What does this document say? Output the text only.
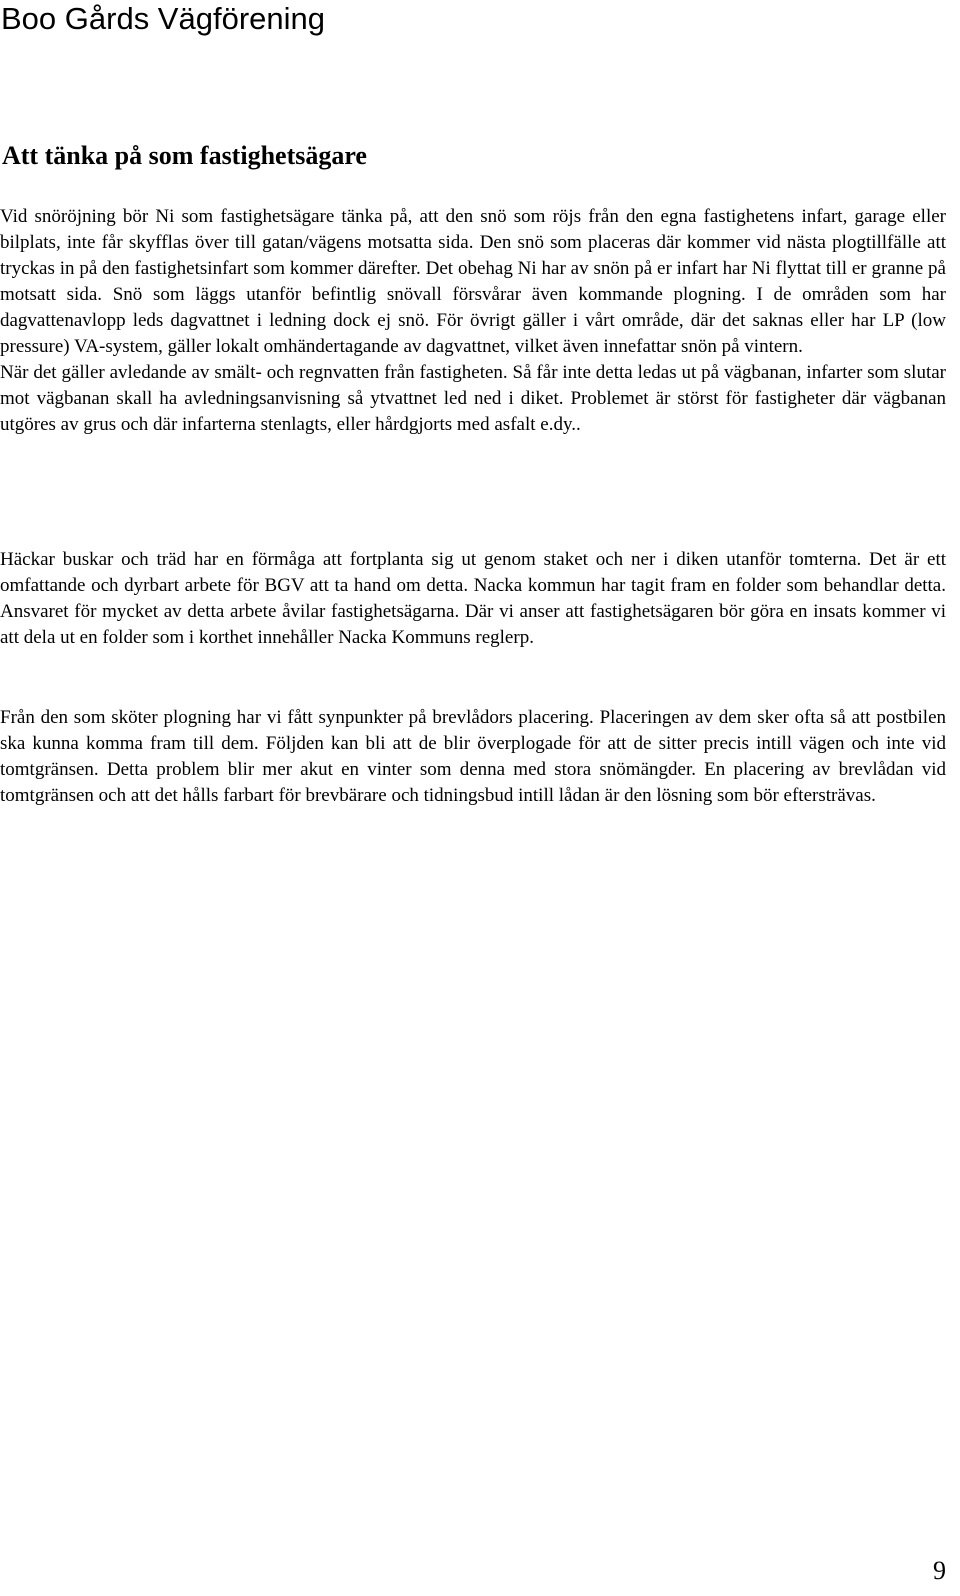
Boo Gårds Vägförening
Att tänka på som fastighetsägare

Vid snöröjning bör Ni som fastighetsägare tänka på, att den snö som röjs från den egna fastighetens infart, garage eller bilplats, inte får skyfflas över till gatan/vägens motsatta sida. Den snö som placeras där kommer vid nästa plogtillfälle att tryckas in på den fastighetsinfart som kommer därefter. Det obehag Ni har av snön på er infart har Ni flyttat till er granne på motsatt sida. Snö som läggs utanför befintlig snövall försvårar även kommande plogning. I de områden som har dagvattenavlopp leds dagvattnet i ledning dock ej snö. För övrigt gäller i vårt område, där det saknas eller har LP (low pressure) VA-system, gäller lokalt omhändertagande av dagvattnet, vilket även innefattar snön på vintern.
När det gäller avledande av smält- och regnvatten från fastigheten. Så får inte detta ledas ut på vägbanan, infarter som slutar mot vägbanan skall ha avledningsanvisning så ytvattnet led ned i diket. Problemet är störst för fastigheter där vägbanan utgöres av grus och där infarterna stenlagts, eller hårdgjorts med asfalt e.dy..

Häckar buskar och träd har en förmåga att fortplanta sig ut genom staket och ner i diken utanför tomterna. Det är ett omfattande och dyrbart arbete för BGV att ta hand om detta. Nacka kommun har tagit fram en folder som behandlar detta. Ansvaret för mycket av detta arbete åvilar fastighetsägarna. Där vi anser att fastighetsägaren bör göra en insats kommer vi att dela ut en folder som i korthet innehåller Nacka Kommuns reglerp.

Från den som sköter plogning har vi fått synpunkter på brevlådors placering. Placeringen av dem sker ofta så att postbilen ska kunna komma fram till dem. Följden kan bli att de blir överplogade för att de sitter precis intill vägen och inte vid tomtgränsen. Detta problem blir mer akut en vinter som denna med stora snömängder. En placering av brevlådan vid tomtgränsen och att det hålls farbart för brevbärare och tidningsbud intill lådan är den lösning som bör eftersträvas.

9
